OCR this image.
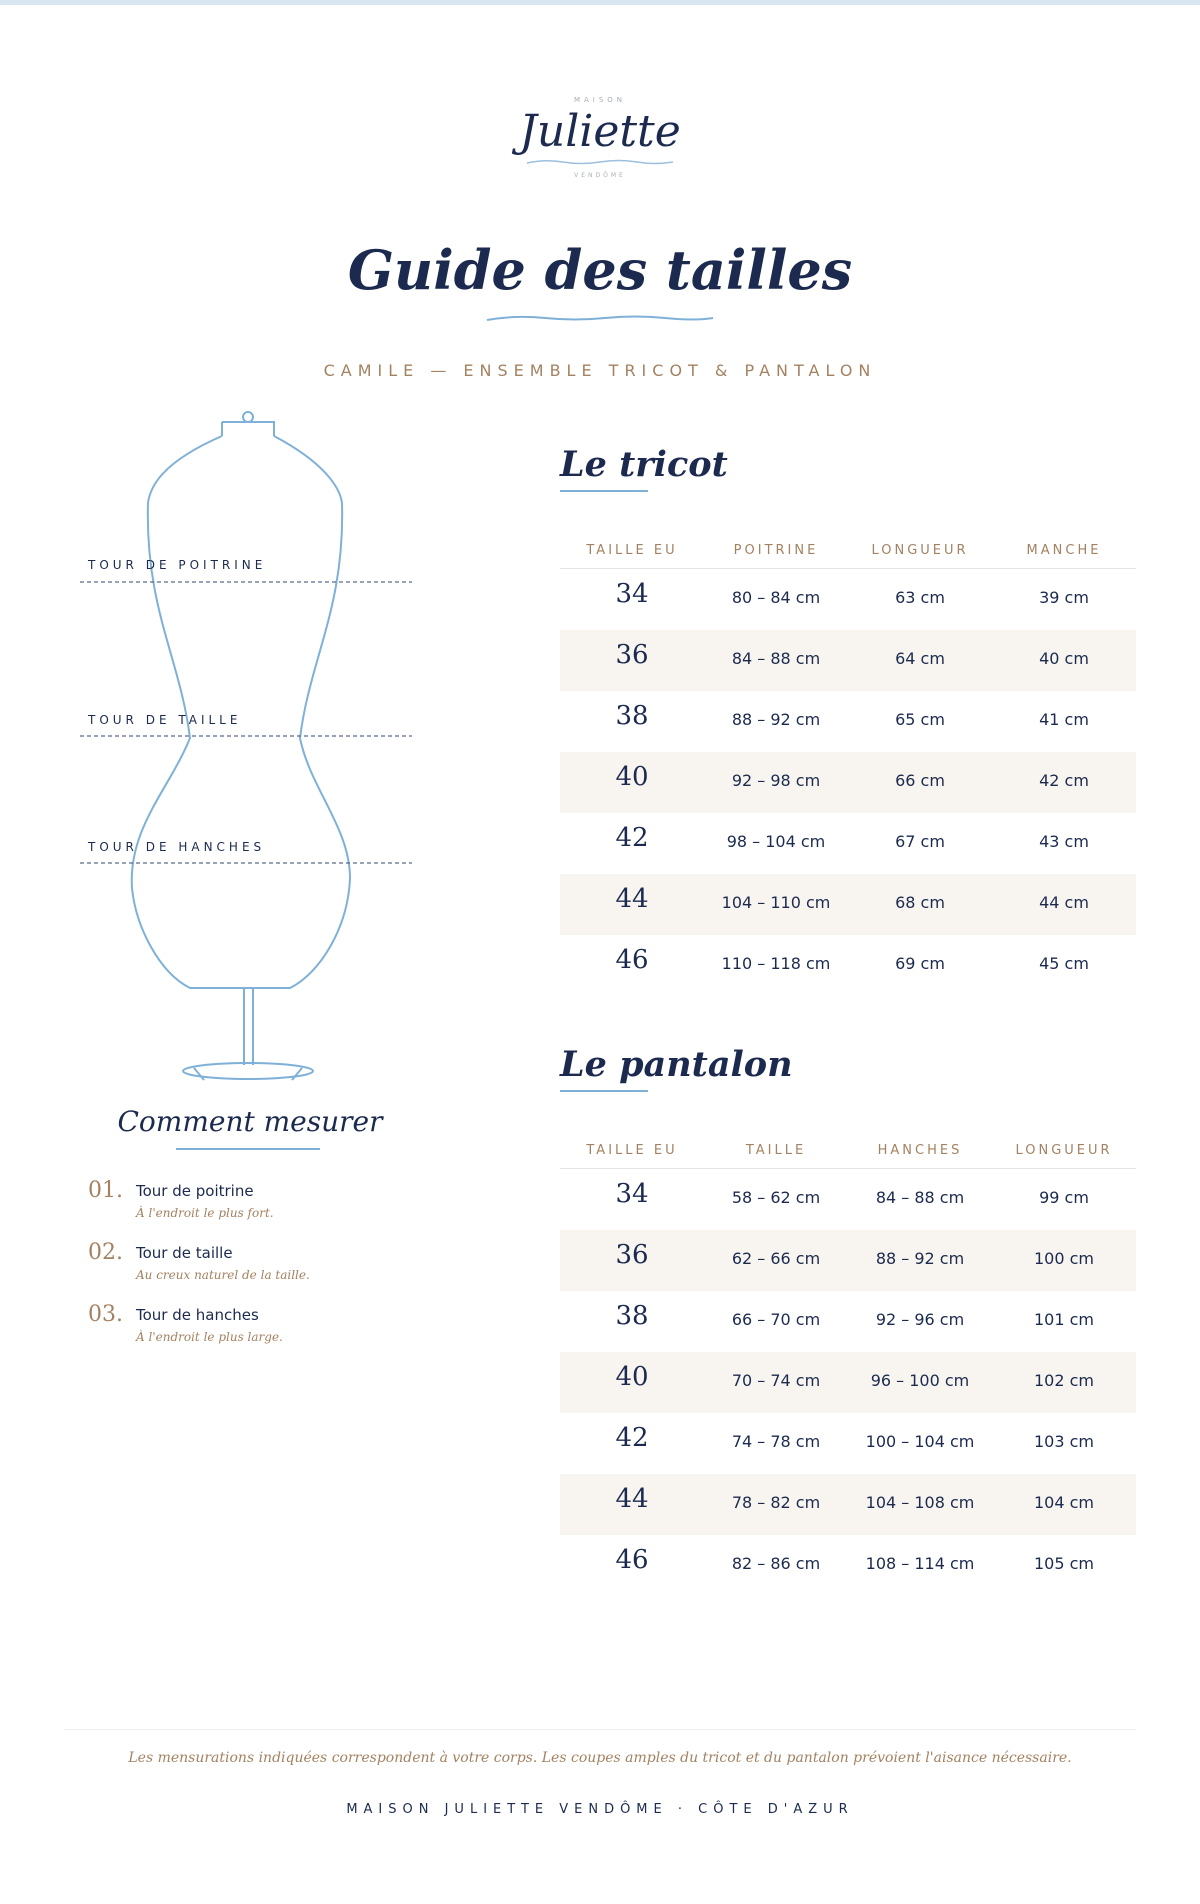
MAISON
Juliette
VENDÔME
Guide des tailles
CAMILE — ENSEMBLE TRICOT & PANTALON
TOUR DE POITRINE
TOUR DE TAILLE
TOUR DE HANCHES
Comment mesurer
01. Tour de poitrine
À l'endroit le plus fort.
02. Tour de taille
Au creux naturel de la taille.
03. Tour de hanches
À l'endroit le plus large.
Le tricot
TAILLE EU	POITRINE	LONGUEUR	MANCHE
34	80 – 84 cm	63 cm	39 cm
36	84 – 88 cm	64 cm	40 cm
38	88 – 92 cm	65 cm	41 cm
40	92 – 98 cm	66 cm	42 cm
42	98 – 104 cm	67 cm	43 cm
44	104 – 110 cm	68 cm	44 cm
46	110 – 118 cm	69 cm	45 cm
Le pantalon
TAILLE EU	TAILLE	HANCHES	LONGUEUR
34	58 – 62 cm	84 – 88 cm	99 cm
36	62 – 66 cm	88 – 92 cm	100 cm
38	66 – 70 cm	92 – 96 cm	101 cm
40	70 – 74 cm	96 – 100 cm	102 cm
42	74 – 78 cm	100 – 104 cm	103 cm
44	78 – 82 cm	104 – 108 cm	104 cm
46	82 – 86 cm	108 – 114 cm	105 cm

Les mensurations indiquées correspondent à votre corps. Les coupes amples du tricot et du pantalon prévoient l'aisance nécessaire.

MAISON JULIETTE VENDÔME · CÔTE D'AZUR
